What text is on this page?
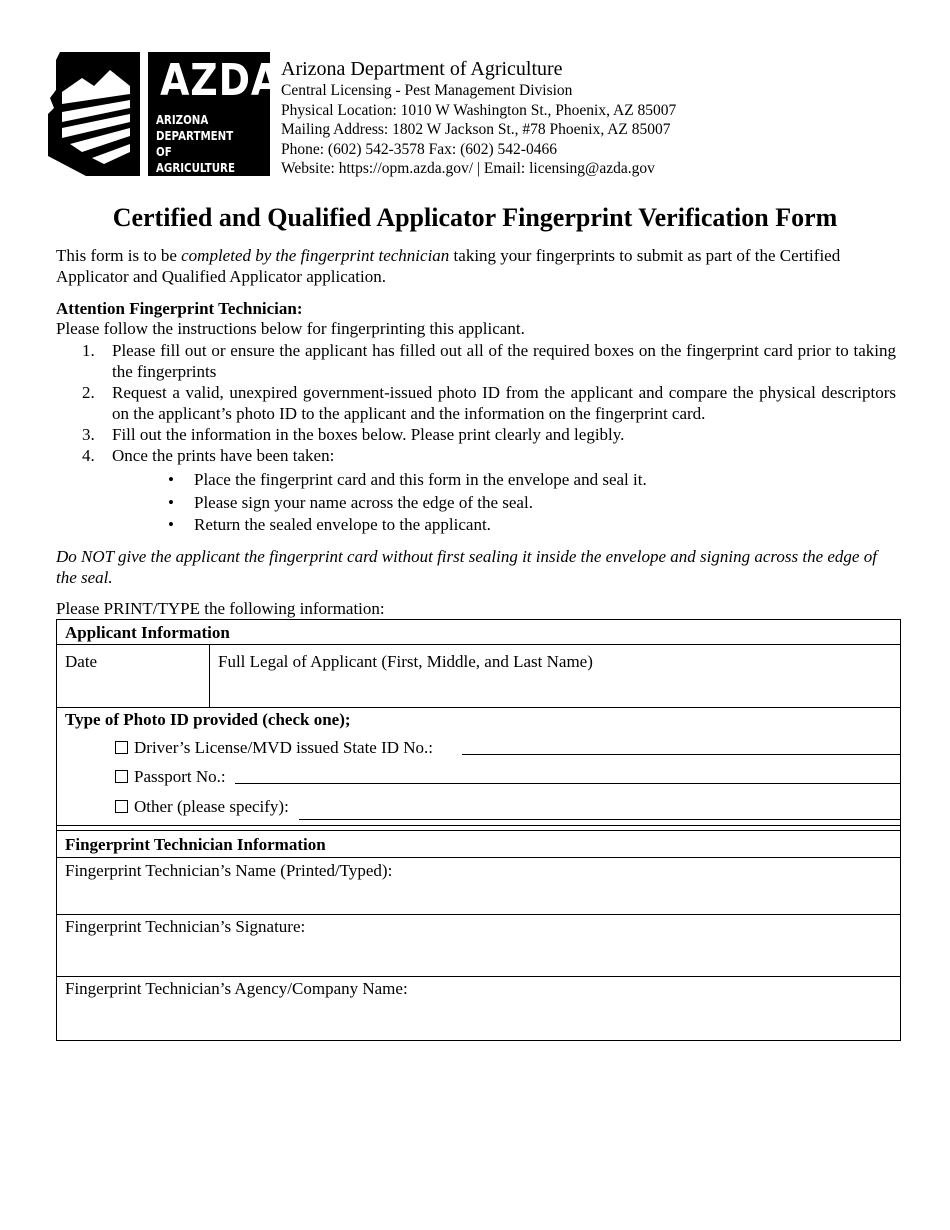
AZDA
ARIZONA
DEPARTMENT
OF AGRICULTURE
Arizona Department of Agriculture
Central Licensing - Pest Management Division
Physical Location: 1010 W Washington St., Phoenix, AZ 85007
Mailing Address: 1802 W Jackson St., #78 Phoenix, AZ 85007
Phone: (602) 542-3578 Fax: (602) 542-0466
Website: https://opm.azda.gov/ | Email: licensing@azda.gov
Certified and Qualified Applicator Fingerprint Verification Form
This form is to be completed by the fingerprint technician taking your fingerprints to submit as part of the Certified Applicator and Qualified Applicator application.
Attention Fingerprint Technician:
Please follow the instructions below for fingerprinting this applicant.
1. Please fill out or ensure the applicant has filled out all of the required boxes on the fingerprint card prior to taking the fingerprints
2. Request a valid, unexpired government-issued photo ID from the applicant and compare the physical descriptors on the applicant’s photo ID to the applicant and the information on the fingerprint card.
3. Fill out the information in the boxes below. Please print clearly and legibly.
4. Once the prints have been taken:
• Place the fingerprint card and this form in the envelope and seal it.
• Please sign your name across the edge of the seal.
• Return the sealed envelope to the applicant.
Do NOT give the applicant the fingerprint card without first sealing it inside the envelope and signing across the edge of the seal.
Please PRINT/TYPE the following information:
Applicant Information
Date	Full Legal of Applicant (First, Middle, and Last Name)
Type of Photo ID provided (check one);
Driver’s License/MVD issued State ID No.:
Passport No.:
Other (please specify):
Fingerprint Technician Information
Fingerprint Technician’s Name (Printed/Typed):
Fingerprint Technician’s Signature:
Fingerprint Technician’s Agency/Company Name:
